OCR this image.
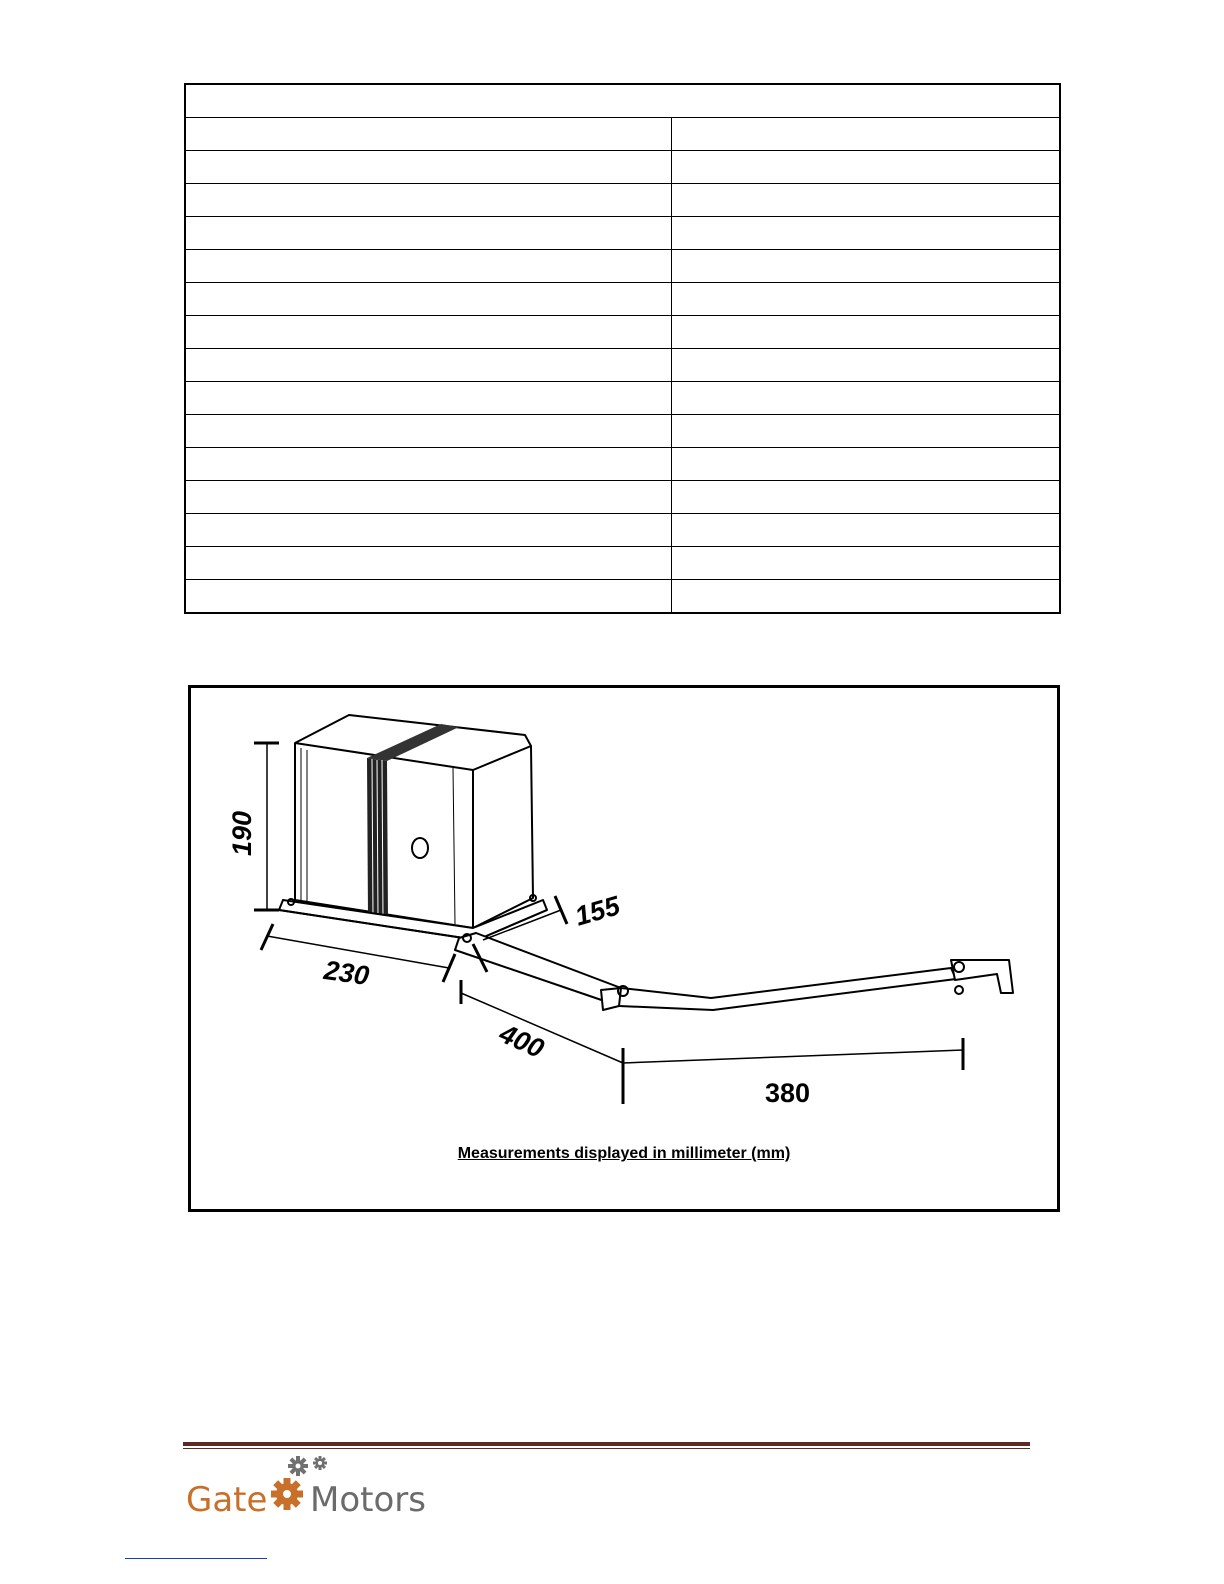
190
230
155
400
380
Measurements displayed in millimeter (mm)
Gate Motors
